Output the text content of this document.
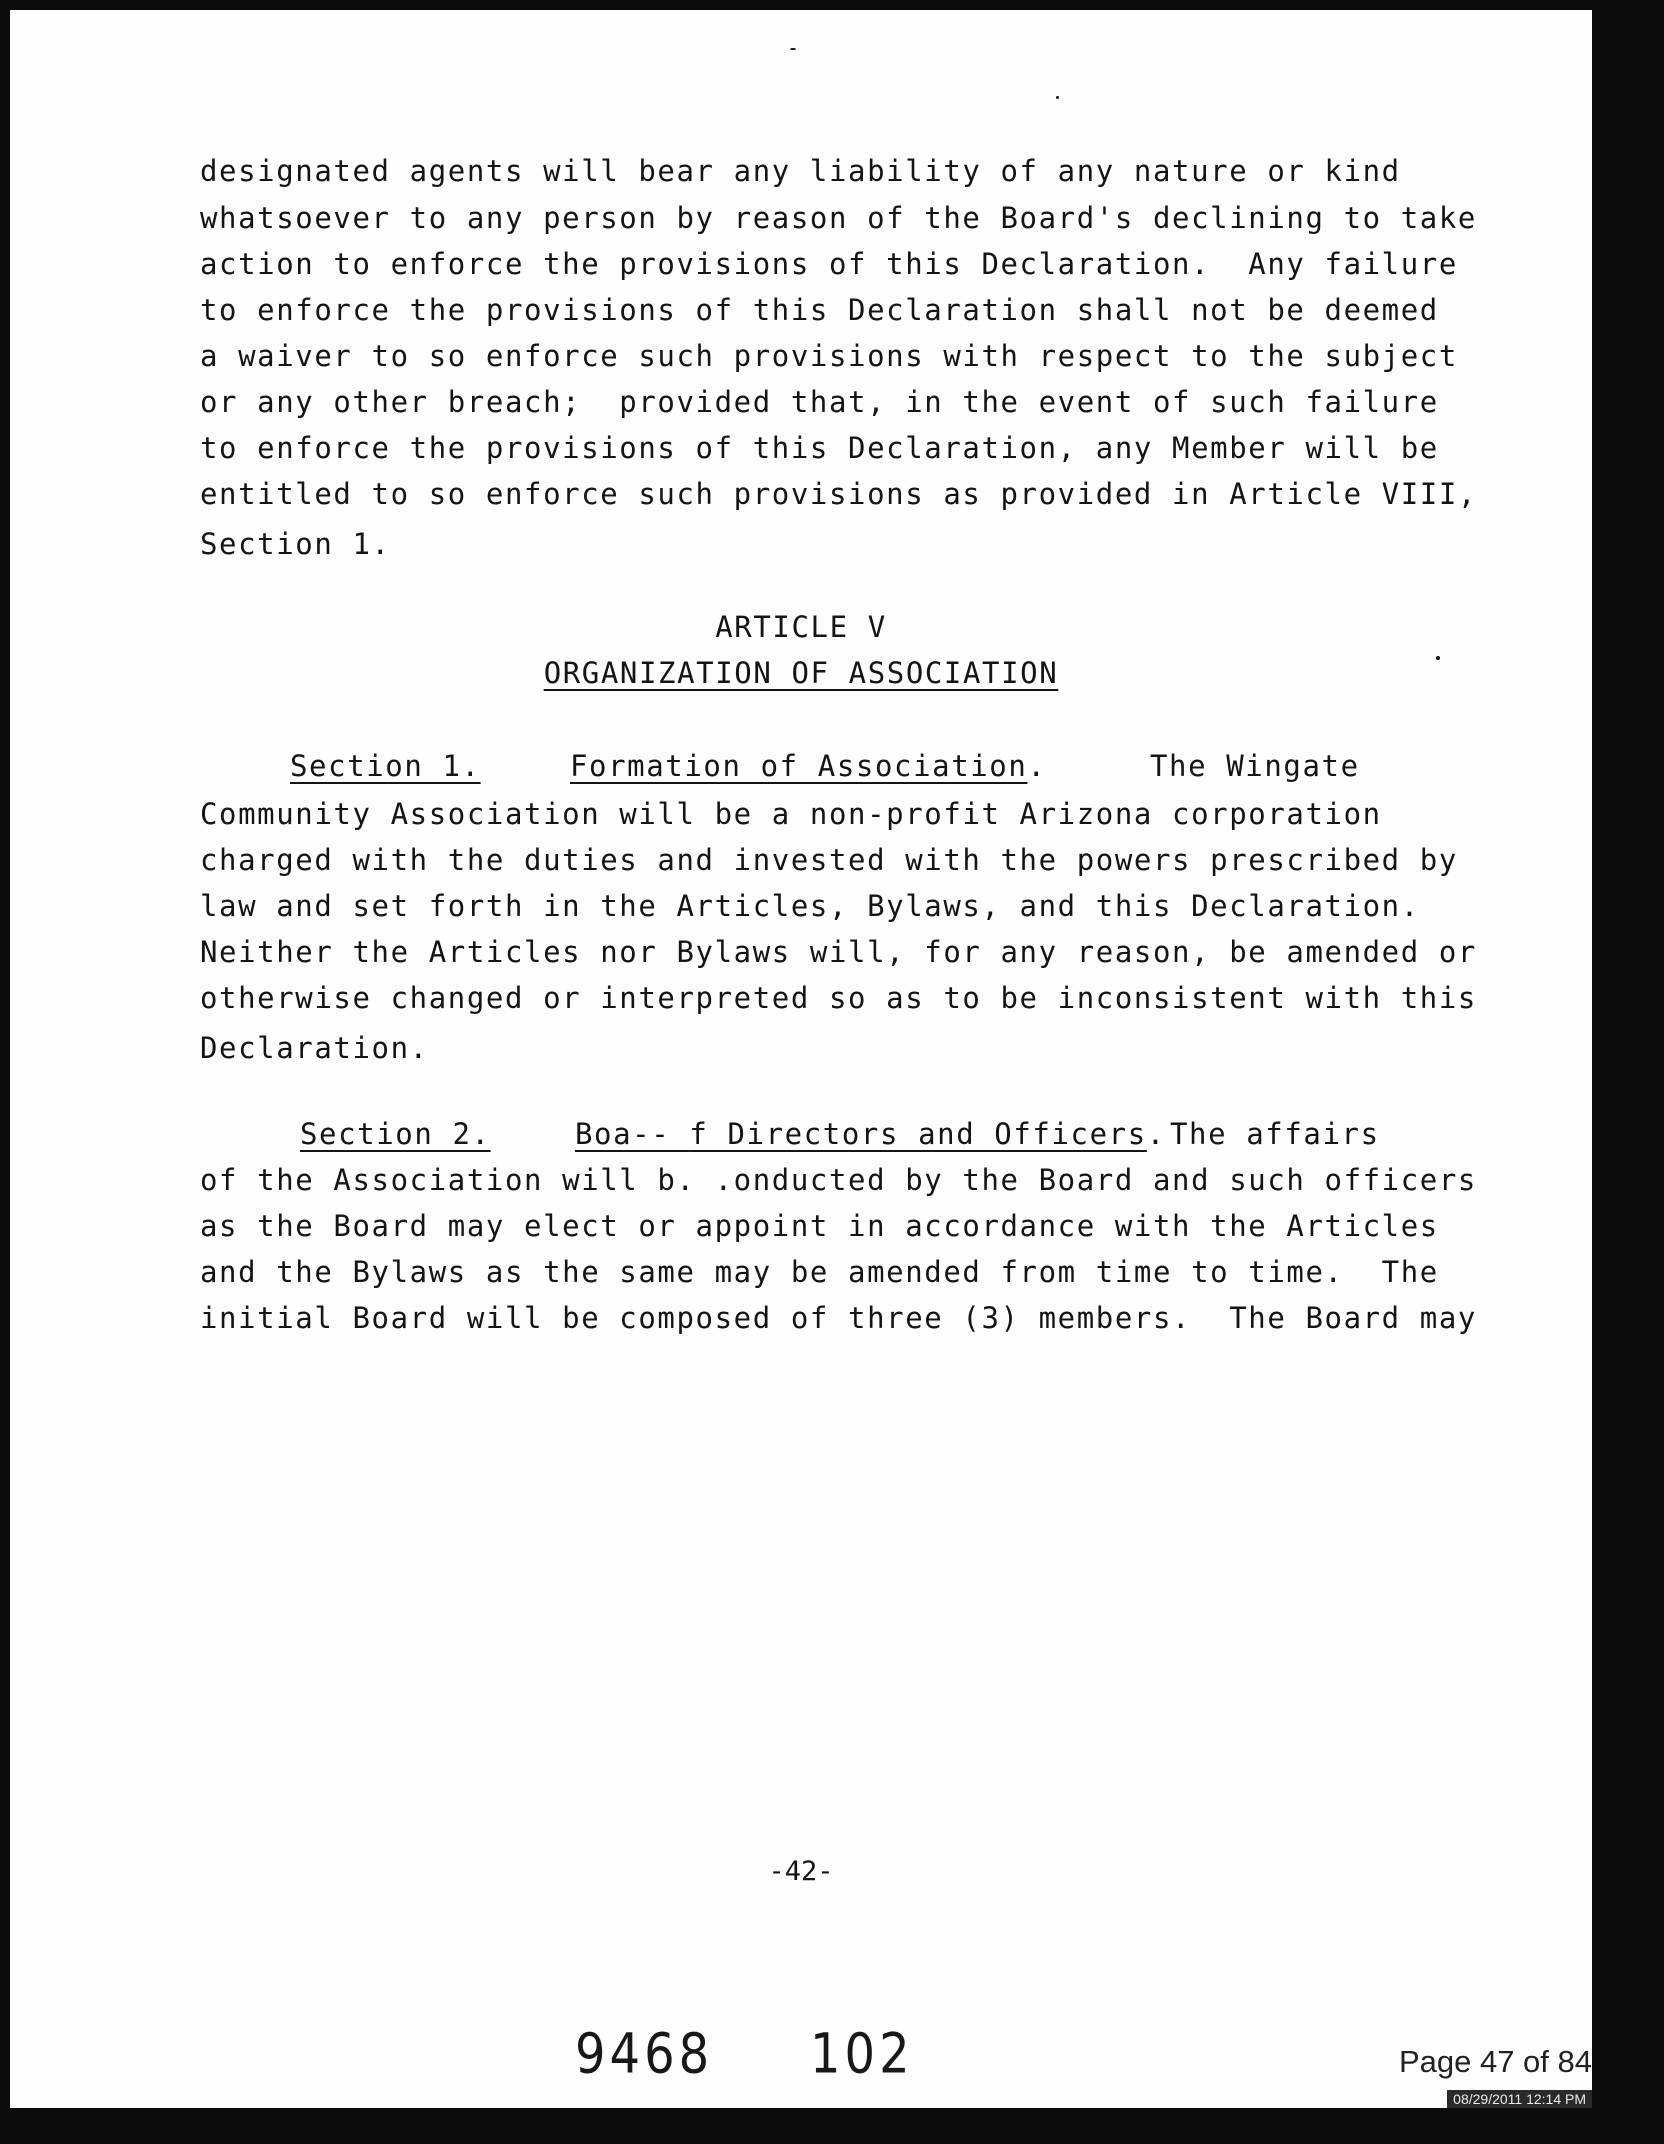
designated agents will bear any liability of any nature or kind

whatsoever to any person by reason of the Board's declining to take

action to enforce the provisions of this Declaration.  Any failure

to enforce the provisions of this Declaration shall not be deemed

a waiver to so enforce such provisions with respect to the subject

or any other breach;  provided that, in the event of such failure

to enforce the provisions of this Declaration, any Member will be

entitled to so enforce such provisions as provided in Article VIII,

Section 1.

ARTICLE V
ORGANIZATION OF ASSOCIATION

Section 1.	Formation of Association.	The Wingate

Community Association will be a non-profit Arizona corporation

charged with the duties and invested with the powers prescribed by

law and set forth in the Articles, Bylaws, and this Declaration.

Neither the Articles nor Bylaws will, for any reason, be amended or

otherwise changed or interpreted so as to be inconsistent with this

Declaration.

Section 2.	Boa-- f Directors and Officers. The affairs

of the Association will b. .onducted by the Board and such officers

as the Board may elect or appoint in accordance with the Articles

and the Bylaws as the same may be amended from time to time.  The

initial Board will be composed of three (3) members.  The Board may

-42-
9468 102	Page 47 of 84
08/29/2011 12:14 PM
